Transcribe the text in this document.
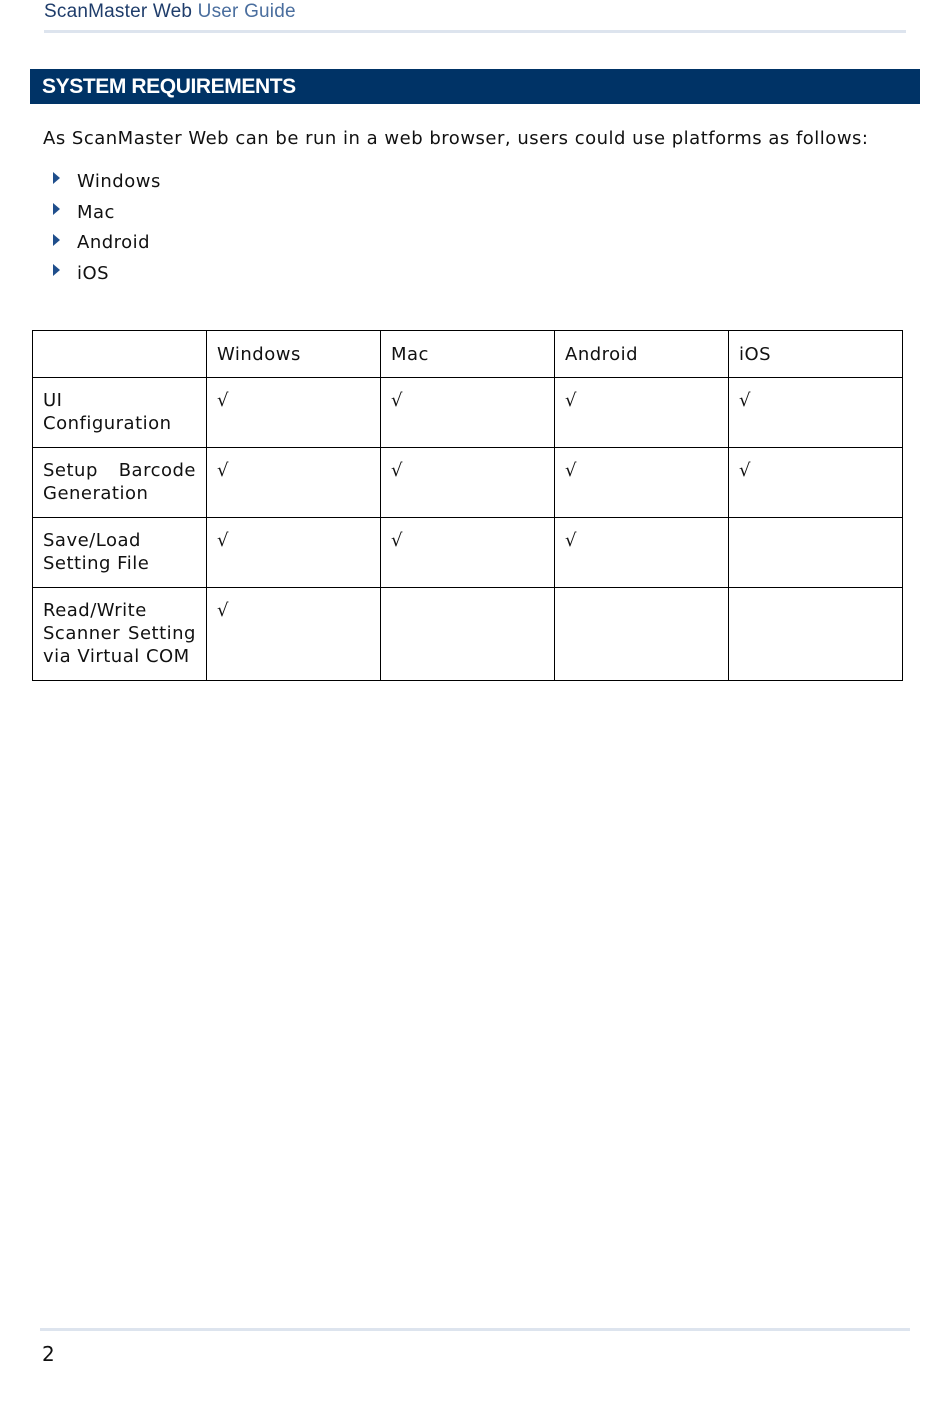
ScanMaster Web User Guide
SYSTEM REQUIREMENTS

As ScanMaster Web can be run in a web browser, users could use platforms as follows:

Windows
Mac
Android
iOS
	Windows	Mac	Android	iOS
UI Configuration	√	√	√	√
Setup Barcode Generation	√	√	√	√
Save/Load Setting File	√	√	√	
Read/Write Scanner Setting via Virtual COM	√			
2
